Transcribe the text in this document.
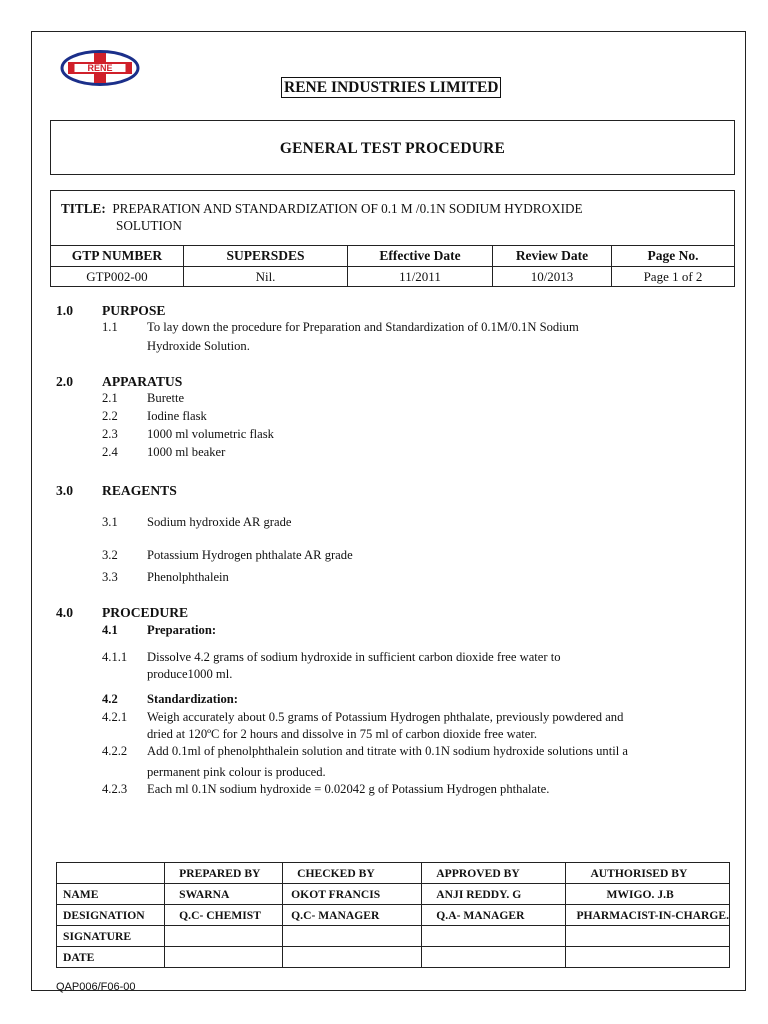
RENE
RENE INDUSTRIES LIMITED
GENERAL TEST PROCEDURE
TITLE: PREPARATION AND STANDARDIZATION OF 0.1 M /0.1N SODIUM HYDROXIDE
SOLUTION
GTP NUMBER	SUPERSDES	Effective Date	Review Date	Page No.
GTP002-00	Nil.	11/2011	10/2013	Page 1 of 2
1.0 PURPOSE
1.1 To lay down the procedure for Preparation and Standardization of 0.1M/0.1N Sodium
Hydroxide Solution.
2.0 APPARATUS
2.1 Burette
2.2 Iodine flask
2.3 1000 ml volumetric flask
2.4 1000 ml beaker
3.0 REAGENTS
3.1 Sodium hydroxide AR grade
3.2 Potassium Hydrogen phthalate AR grade
3.3 Phenolphthalein
4.0 PROCEDURE
4.1 Preparation:
4.1.1 Dissolve 4.2 grams of sodium hydroxide in sufficient carbon dioxide free water to
produce1000 ml.
4.2 Standardization:
4.2.1 Weigh accurately about 0.5 grams of Potassium Hydrogen phthalate, previously powdered and
dried at 120ºC for 2 hours and dissolve in 75 ml of carbon dioxide free water.
4.2.2 Add 0.1ml of phenolphthalein solution and titrate with 0.1N sodium hydroxide solutions until a
permanent pink colour is produced.
4.2.3 Each ml 0.1N sodium hydroxide = 0.02042 g of Potassium Hydrogen phthalate.
	PREPARED BY	CHECKED BY	APPROVED BY	AUTHORISED BY
NAME	SWARNA	OKOT FRANCIS	ANJI REDDY. G	MWIGO. J.B
DESIGNATION	Q.C- CHEMIST	Q.C- MANAGER	Q.A- MANAGER	PHARMACIST-IN-CHARGE.
SIGNATURE				
DATE				
QAP006/F06-00
